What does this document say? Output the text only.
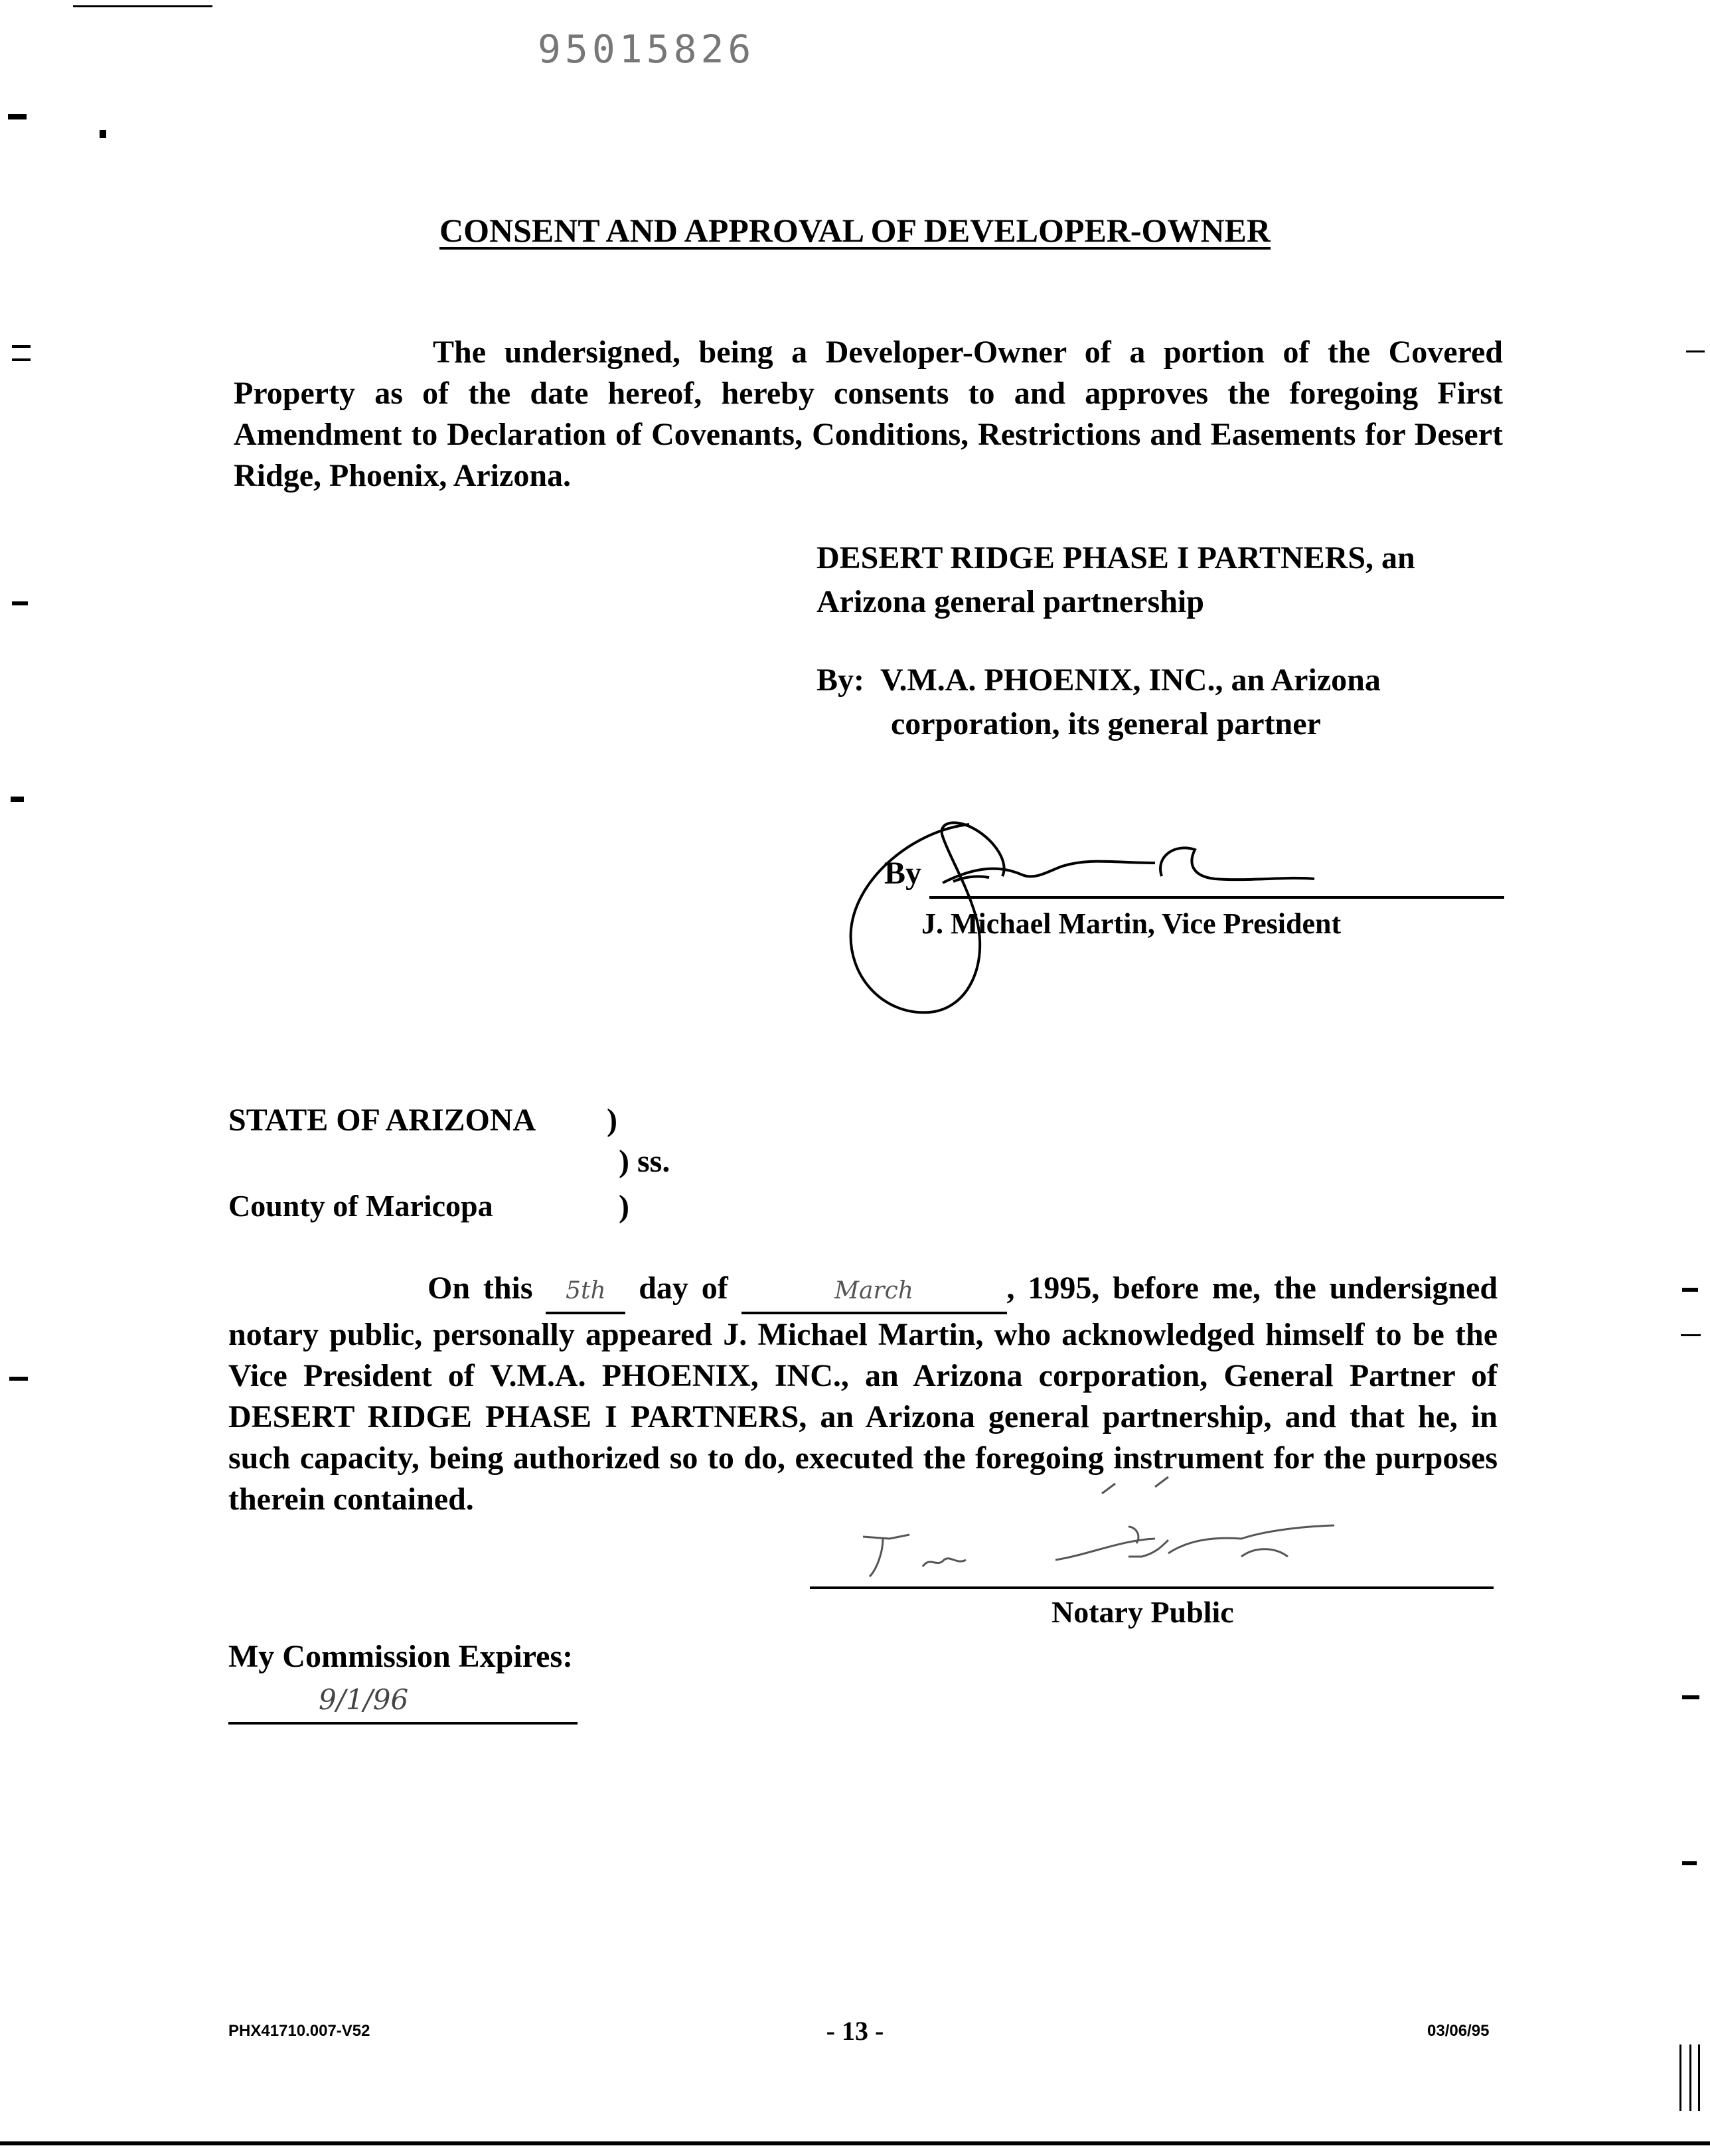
95015826
CONSENT AND APPROVAL OF DEVELOPER-OWNER
The undersigned, being a Developer-Owner of a portion of the Covered Property as of the date hereof, hereby consents to and approves the foregoing First Amendment to Declaration of Covenants, Conditions, Restrictions and Easements for Desert Ridge, Phoenix, Arizona.
DESERT RIDGE PHASE I PARTNERS, an
Arizona general partnership
By: V.M.A. PHOENIX, INC., an Arizona
corporation, its general partner
By
J. Michael Martin, Vice President
STATE OF ARIZONA )
) ss.
County of Maricopa	)
On this 5th day of	March	, 1995, before me, the undersigned notary public, personally appeared J. Michael Martin, who acknowledged himself to be the Vice President of V.M.A. PHOENIX, INC., an Arizona corporation, General Partner of DESERT RIDGE PHASE I PARTNERS, an Arizona general partnership, and that he, in such capacity, being authorized so to do, executed the foregoing instrument for the purposes therein contained.
Notary Public
My Commission Expires:
9/1/96
PHX41710.007-V52	- 13 -	03/06/95
